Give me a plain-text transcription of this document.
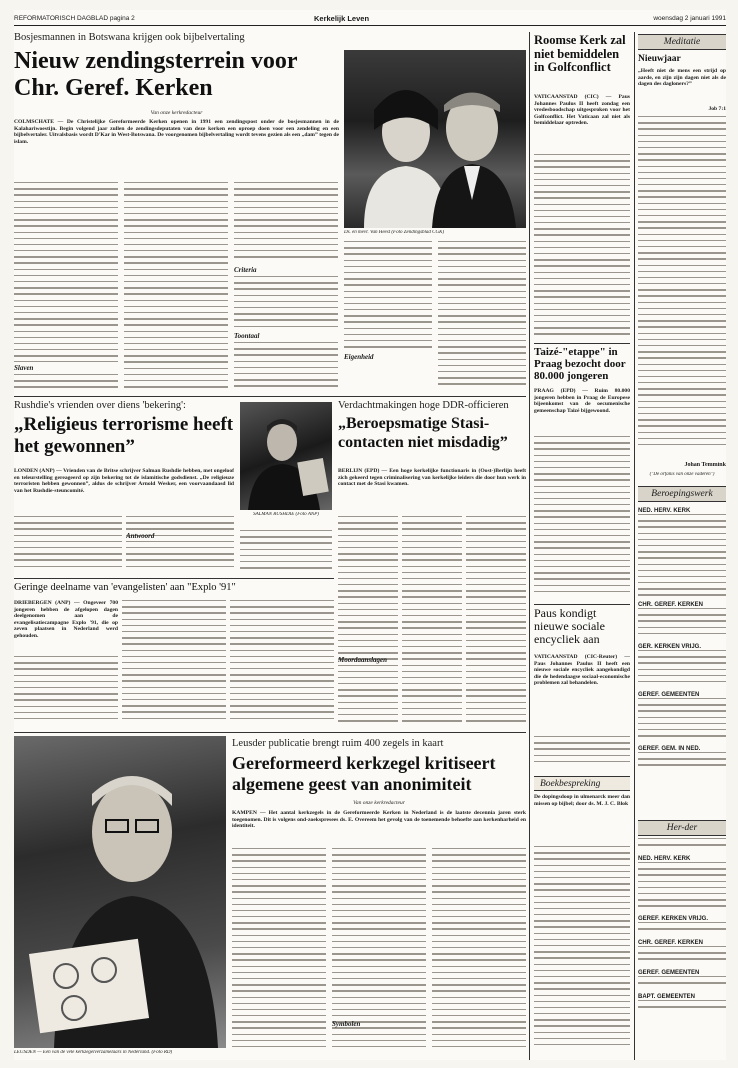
REFORMATORISCH DAGBLAD pagina 2	Kerkelijk Leven	woensdag 2 januari 1991
Bosjesmannen in Botswana krijgen ook bijbelvertaling
Nieuw zendingsterrein voor Chr. Geref. Kerken
Van onze kerkredacteur
COLMSCHATE — De Christelijke Gereformeerde Kerken openen in 1991 een zendingspost onder de bosjesmannen in de Kalahariwoestijn. Begin volgend jaar zullen de zendingsdeputaten van deze kerken een oproep doen voor een zendeling en een bijbelvertaler. Uitvalsbasis wordt D'Kar in West-Botswana. De voorgenomen bijbelvertaling wordt tevens gezien als een „dam” tegen de islam.
Slaven
Criteria
Toontaal
Ds. en mevr. Van Heest (Foto Zendingsblad CGK)
Eigenheid
Rushdie's vrienden over diens 'bekering':
„Religieus terrorisme heeft het gewonnen”
LONDEN (ANP) — Vrienden van de Britse schrijver Salman Rushdie hebben, met ongeloof en teleurstelling gereageerd op zijn bekering tot de islamitische godsdienst. „De religieuze terroristen hebben gewonnen”, aldus de schrijver Arnold Wesker, een voorvaandaasd lid van het Rushdie-steuncomité.
SALMAN RUSHDIE (Foto ANP)
Antwoord
Verdachtmakingen hoge DDR-officieren
„Beroepsmatige Stasi-contacten niet misdadig”
BERLIJN (EPD) — Een hoge kerkelijke functionaris in (Oost-)Berlijn heeft zich gekeerd tegen criminalisering van kerkelijke leiders die door hun werk in contact met de Stasi kwamen.
Moordaanslagen
Geringe deelname van 'evangelisten' aan "Explo '91"
DRIEBERGEN (ANP) — Ongeveer 700 jongeren hebben de afgelopen dagen deelgenomen aan de evangelisatiecampagne Explo '91, die op zeven plaatsen in Nederland werd gehouden.
LEUSDEN — Een van de vele kerkzegelverzamelaars in Nederland. (Foto RD)
Leusder publicatie brengt ruim 400 zegels in kaart
Gereformeerd kerkzegel kritiseert algemene geest van anonimiteit
Van onze kerkredacteur
KAMPEN — Het aantal kerkzegels in de Gereformeerde Kerken in Nederland is de laatste decennia jaren sterk toegenomen. Dit is volgens ond-zoekspresees ds. E. Overeem het gevolg van de toenemende behoefte aan kerkenharheid en identiteit.
Symbolen
Roomse Kerk zal niet bemiddelen in Golfconflict
VATICAANSTAD (CIC) — Paus Johannes Paulus II heeft zondag een vredesboodschap uitgesproken voor het Golfconflict. Het Vaticaan zal niet als bemiddelaar optreden.
Taizé-"etappe" in Praag bezocht door 80.000 jongeren
PRAAG (EPD) — Ruim 80.000 jongeren hebben in Praag de Europese bijeenkomst van de oecumenische gemeenschap Taizé bijgewoond.
Paus kondigt nieuwe sociale encycliek aan
VATICAANSTAD (CIC-Reuter) — Paus Johannes Paulus II heeft een nieuwe sociale encycliek aangekondigd die de hedendaagse sociaal-economische problemen zal behandelen.
Boekbespreking
De dopingsdoop in ulmenarck meer dan missen op bijbel; door ds. M. J. C. Blok
Meditatie
Nieuwjaar
„Heeft niet de mens een strijd op aarde, en zijn zijn dagen niet als de dagen des dagloners?”
Job 7:1
Johan Temmink
("De orfanis van onze vaderen")
Beroepingswerk
NED. HERV. KERK
CHR. GEREF. KERKEN
GER. KERKEN VRIJG.
GEREF. GEMEENTEN
GEREF. GEM. IN NED.
Her-der
NED. HERV. KERK
GEREF. KERKEN VRIJG.
CHR. GEREF. KERKEN
GEREF. GEMEENTEN
BAPT. GEMEENTEN
